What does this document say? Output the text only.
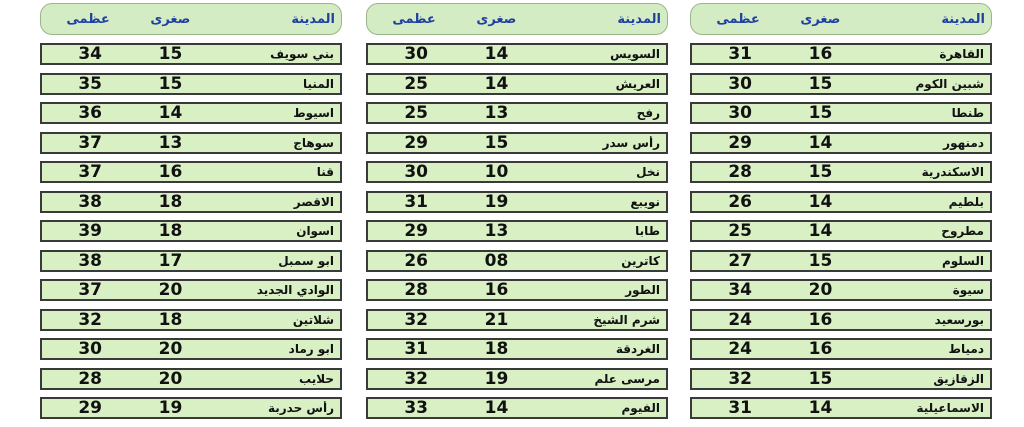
المدينة
صغرى
عظمى
القاهرة
16
31
شبين الكوم
15
30
طنطا
15
30
دمنهور
14
29
الاسكندرية
15
28
بلطيم
14
26
مطروح
14
25
السلوم
15
27
سيوة
20
34
بورسعيد
16
24
دمياط
16
24
الزقازيق
15
32
الاسماعيلية
14
31
المدينة
صغرى
عظمى
السويس
14
30
العريش
14
25
رفح
13
25
رأس سدر
15
29
نخل
10
30
نويبع
19
31
طابا
13
29
كاترين
08
26
الطور
16
28
شرم الشيخ
21
32
الغردقة
18
31
مرسى علم
19
32
الفيوم
14
33
المدينة
صغرى
عظمى
بني سويف
15
34
المنيا
15
35
اسيوط
14
36
سوهاج
13
37
قنا
16
37
الاقصر
18
38
اسوان
18
39
ابو سمبل
17
38
الوادي الجديد
20
37
شلاتين
18
32
ابو رماد
20
30
حلايب
20
28
رأس حدربة
19
29
